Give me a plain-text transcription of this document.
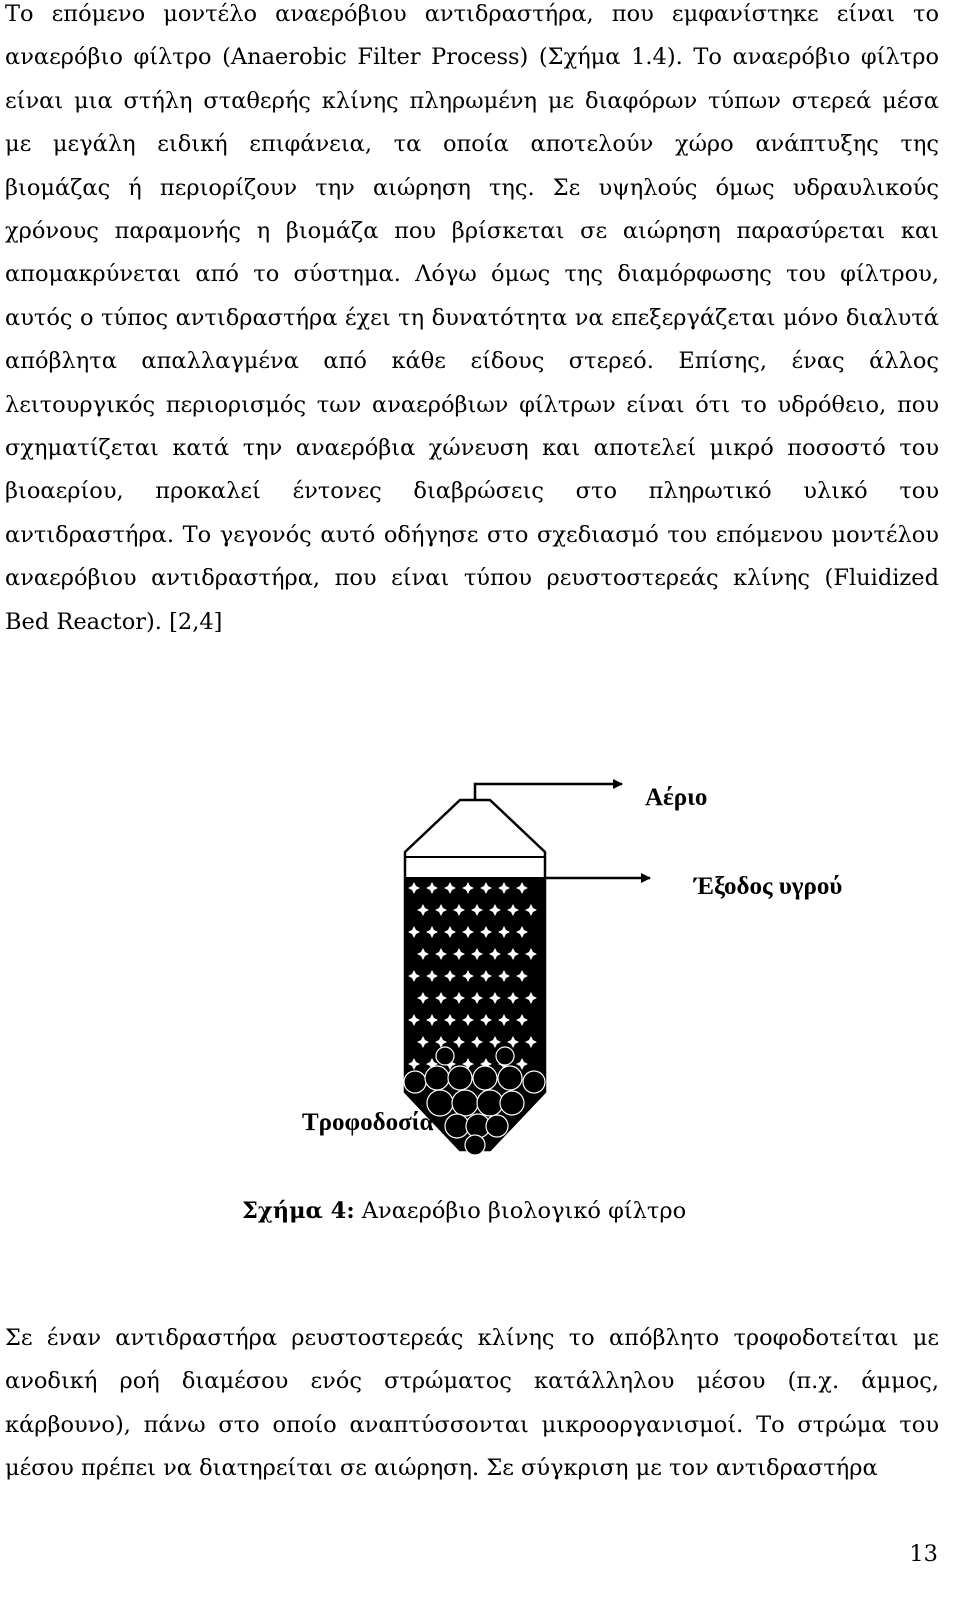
Το επόμενο μοντέλο αναερόβιου αντιδραστήρα, που εμφανίστηκε είναι το
αναερόβιο φίλτρο (Anaerobic Filter Process) (Σχήμα 1.4). Το αναερόβιο φίλτρο
είναι μια στήλη σταθερής κλίνης πληρωμένη με διαφόρων τύπων στερεά μέσα
με μεγάλη ειδική επιφάνεια, τα οποία αποτελούν χώρο ανάπτυξης της
βιομάζας ή περιορίζουν την αιώρηση της. Σε υψηλούς όμως υδραυλικούς
χρόνους παραμονής η βιομάζα που βρίσκεται σε αιώρηση παρασύρεται και
απομακρύνεται από το σύστημα. Λόγω όμως της διαμόρφωσης του φίλτρου,
αυτός ο τύπος αντιδραστήρα έχει τη δυνατότητα να επεξεργάζεται μόνο διαλυτά
απόβλητα απαλλαγμένα από κάθε είδους στερεό. Επίσης, ένας άλλος
λειτουργικός περιορισμός των αναερόβιων φίλτρων είναι ότι το υδρόθειο, που
σχηματίζεται κατά την αναερόβια χώνευση και αποτελεί μικρό ποσοστό του
βιοαερίου, προκαλεί έντονες διαβρώσεις στο πληρωτικό υλικό του
αντιδραστήρα. Το γεγονός αυτό οδήγησε στο σχεδιασμό του επόμενου μοντέλου
αναερόβιου αντιδραστήρα, που είναι τύπου ρευστοστερεάς κλίνης (Fluidized
Bed Reactor). [2,4]
Αέριο
Έξοδος υγρού
Τροφοδοσία
Σχήμα 4: Αναερόβιο βιολογικό φίλτρο
Σε έναν αντιδραστήρα ρευστοστερεάς κλίνης το απόβλητο τροφοδοτείται με
ανοδική ροή διαμέσου ενός στρώματος κατάλληλου μέσου (π.χ. άμμος,
κάρβουνο), πάνω στο οποίο αναπτύσσονται μικροοργανισμοί. Το στρώμα του
μέσου πρέπει να διατηρείται σε αιώρηση. Σε σύγκριση με τον αντιδραστήρα
13
